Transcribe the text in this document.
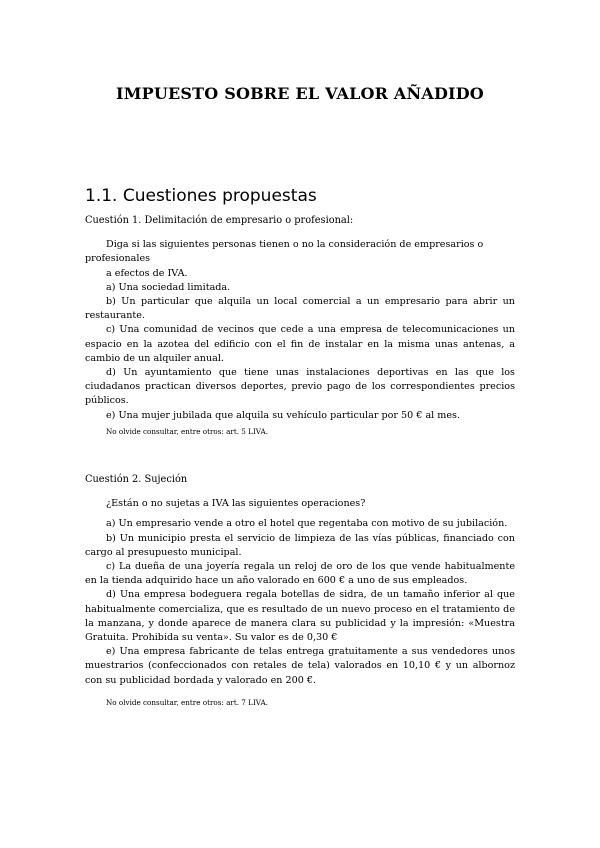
IMPUESTO SOBRE EL VALOR AÑADIDO
1.1. Cuestiones propuestas

Cuestión 1. Delimitación de empresario o profesional:

Diga si las siguientes personas tienen o no la consideración de empresarios o profesionales

a efectos de IVA.

a) Una sociedad limitada.

b) Un particular que alquila un local comercial a un empresario para abrir un restaurante.

c) Una comunidad de vecinos que cede a una empresa de telecomunicaciones un espacio en la azotea del edificio con el fin de instalar en la misma unas antenas, a cambio de un alquiler anual.

d) Un ayuntamiento que tiene unas instalaciones deportivas en las que los ciudadanos practican diversos deportes, previo pago de los correspondientes precios públicos.

e) Una mujer jubilada que alquila su vehículo particular por 50 € al mes.

No olvide consultar, entre otros: art. 5 LIVA.

Cuestión 2. Sujeción

¿Están o no sujetas a IVA las siguientes operaciones?

a) Un empresario vende a otro el hotel que regentaba con motivo de su jubilación.

b) Un municipio presta el servicio de limpieza de las vías públicas, financiado con cargo al presupuesto municipal.

c) La dueña de una joyería regala un reloj de oro de los que vende habitualmente en la tienda adquirido hace un año valorado en 600 € a uno de sus empleados.

d) Una empresa bodeguera regala botellas de sidra, de un tamaño inferior al que habitualmente comercializa, que es resultado de un nuevo proceso en el tratamiento de la manzana, y donde aparece de manera clara su publicidad y la impresión: «Muestra Gratuita. Prohibida su venta». Su valor es de 0,30 €

e) Una empresa fabricante de telas entrega gratuitamente a sus vendedores unos muestrarios (confeccionados con retales de tela) valorados en 10,10 € y un albornoz con su publicidad bordada y valorado en 200 €.

No olvide consultar, entre otros: art. 7 LIVA.
